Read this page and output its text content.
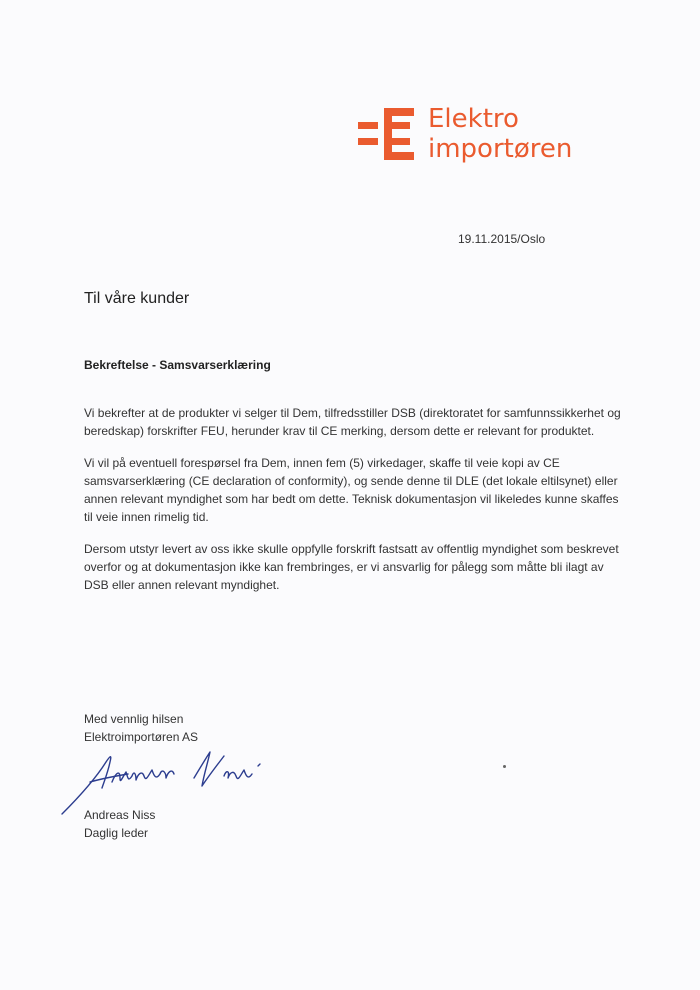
Elektro
importøren
19.11.2015/Oslo
Til våre kunder
Bekreftelse - Samsvarserklæring

Vi bekrefter at de produkter vi selger til Dem, tilfredsstiller DSB (direktoratet for samfunnssikkerhet og beredskap) forskrifter FEU, herunder krav til CE merking, dersom dette er relevant for produktet.

Vi vil på eventuell forespørsel fra Dem, innen fem (5) virkedager, skaffe til veie kopi av CE samsvarserklæring (CE declaration of conformity), og sende denne til DLE (det lokale eltilsynet) eller annen relevant myndighet som har bedt om dette. Teknisk dokumentasjon vil likeledes kunne skaffes til veie innen rimelig tid.

Dersom utstyr levert av oss ikke skulle oppfylle forskrift fastsatt av offentlig myndighet som beskrevet overfor og at dokumentasjon ikke kan frembringes, er vi ansvarlig for pålegg som måtte bli ilagt av DSB eller annen relevant myndighet.

Med vennlig hilsen
Elektroimportøren AS
Andreas Niss
Daglig leder
